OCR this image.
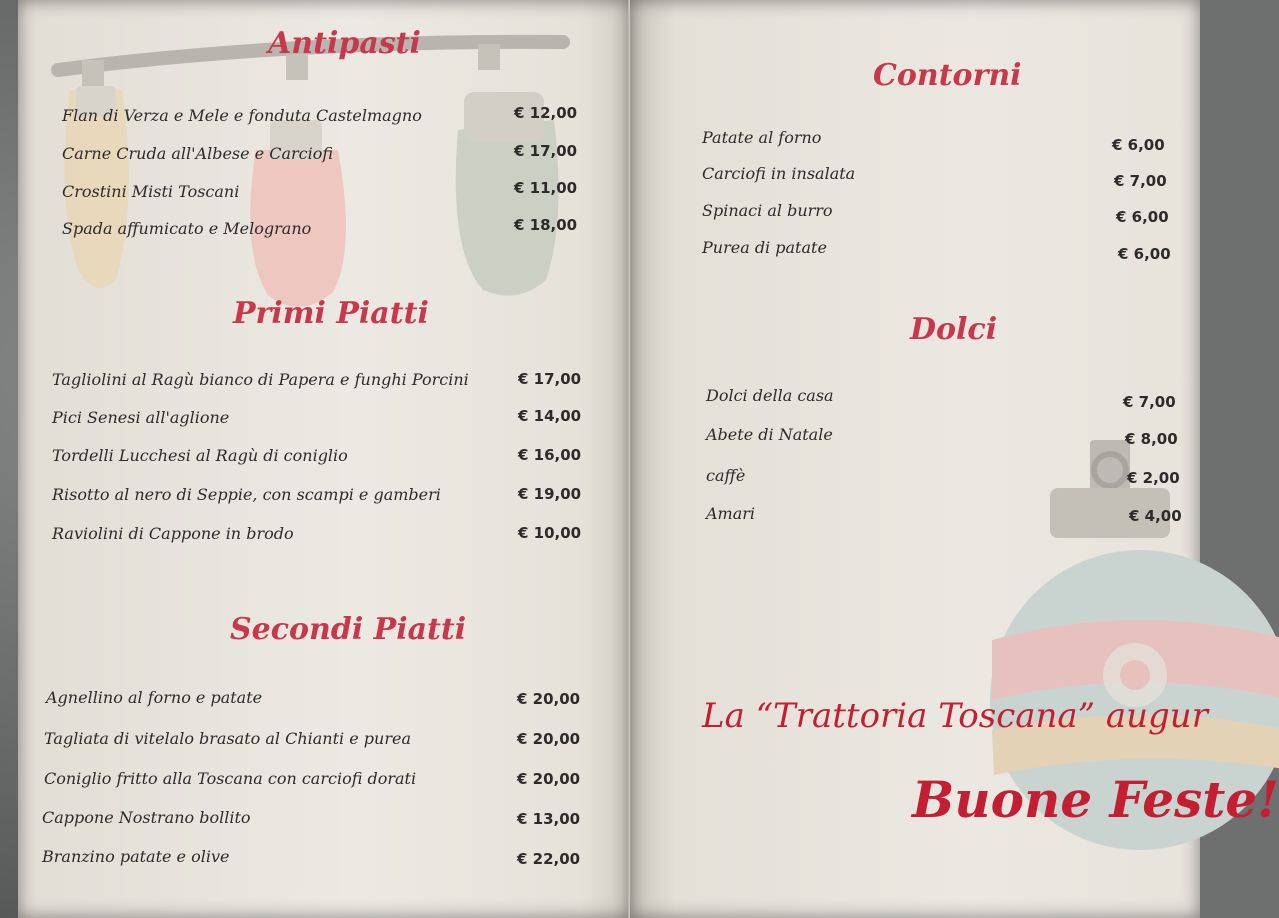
Antipasti
Flan di Verza e Mele e fonduta Castelmagno	€ 12,00
Carne Cruda all'Albese e Carciofi	€ 17,00
Crostini Misti Toscani	€ 11,00
Spada affumicato e Melograno	€ 18,00
Primi Piatti
Tagliolini al Ragù bianco di Papera e funghi Porcini	€ 17,00
Pici Senesi all'aglione	€ 14,00
Tordelli Lucchesi al Ragù di coniglio	€ 16,00
Risotto al nero di Seppie, con scampi e gamberi	€ 19,00
Raviolini di Cappone in brodo	€ 10,00
Secondi Piatti
Agnellino al forno e patate	€ 20,00
Tagliata di vitelalo brasato al Chianti e purea	€ 20,00
Coniglio fritto alla Toscana con carciofi dorati	€ 20,00
Cappone Nostrano bollito	€ 13,00
Branzino patate e olive	€ 22,00
Contorni
Patate al forno	€ 6,00
Carciofi in insalata	€ 7,00
Spinaci al burro	€ 6,00
Purea di patate	€ 6,00
Dolci
Dolci della casa	€ 7,00
Abete di Natale	€ 8,00
caffè	€ 2,00
Amari	€ 4,00
La “Trattoria Toscana” augur
Buone Feste!
